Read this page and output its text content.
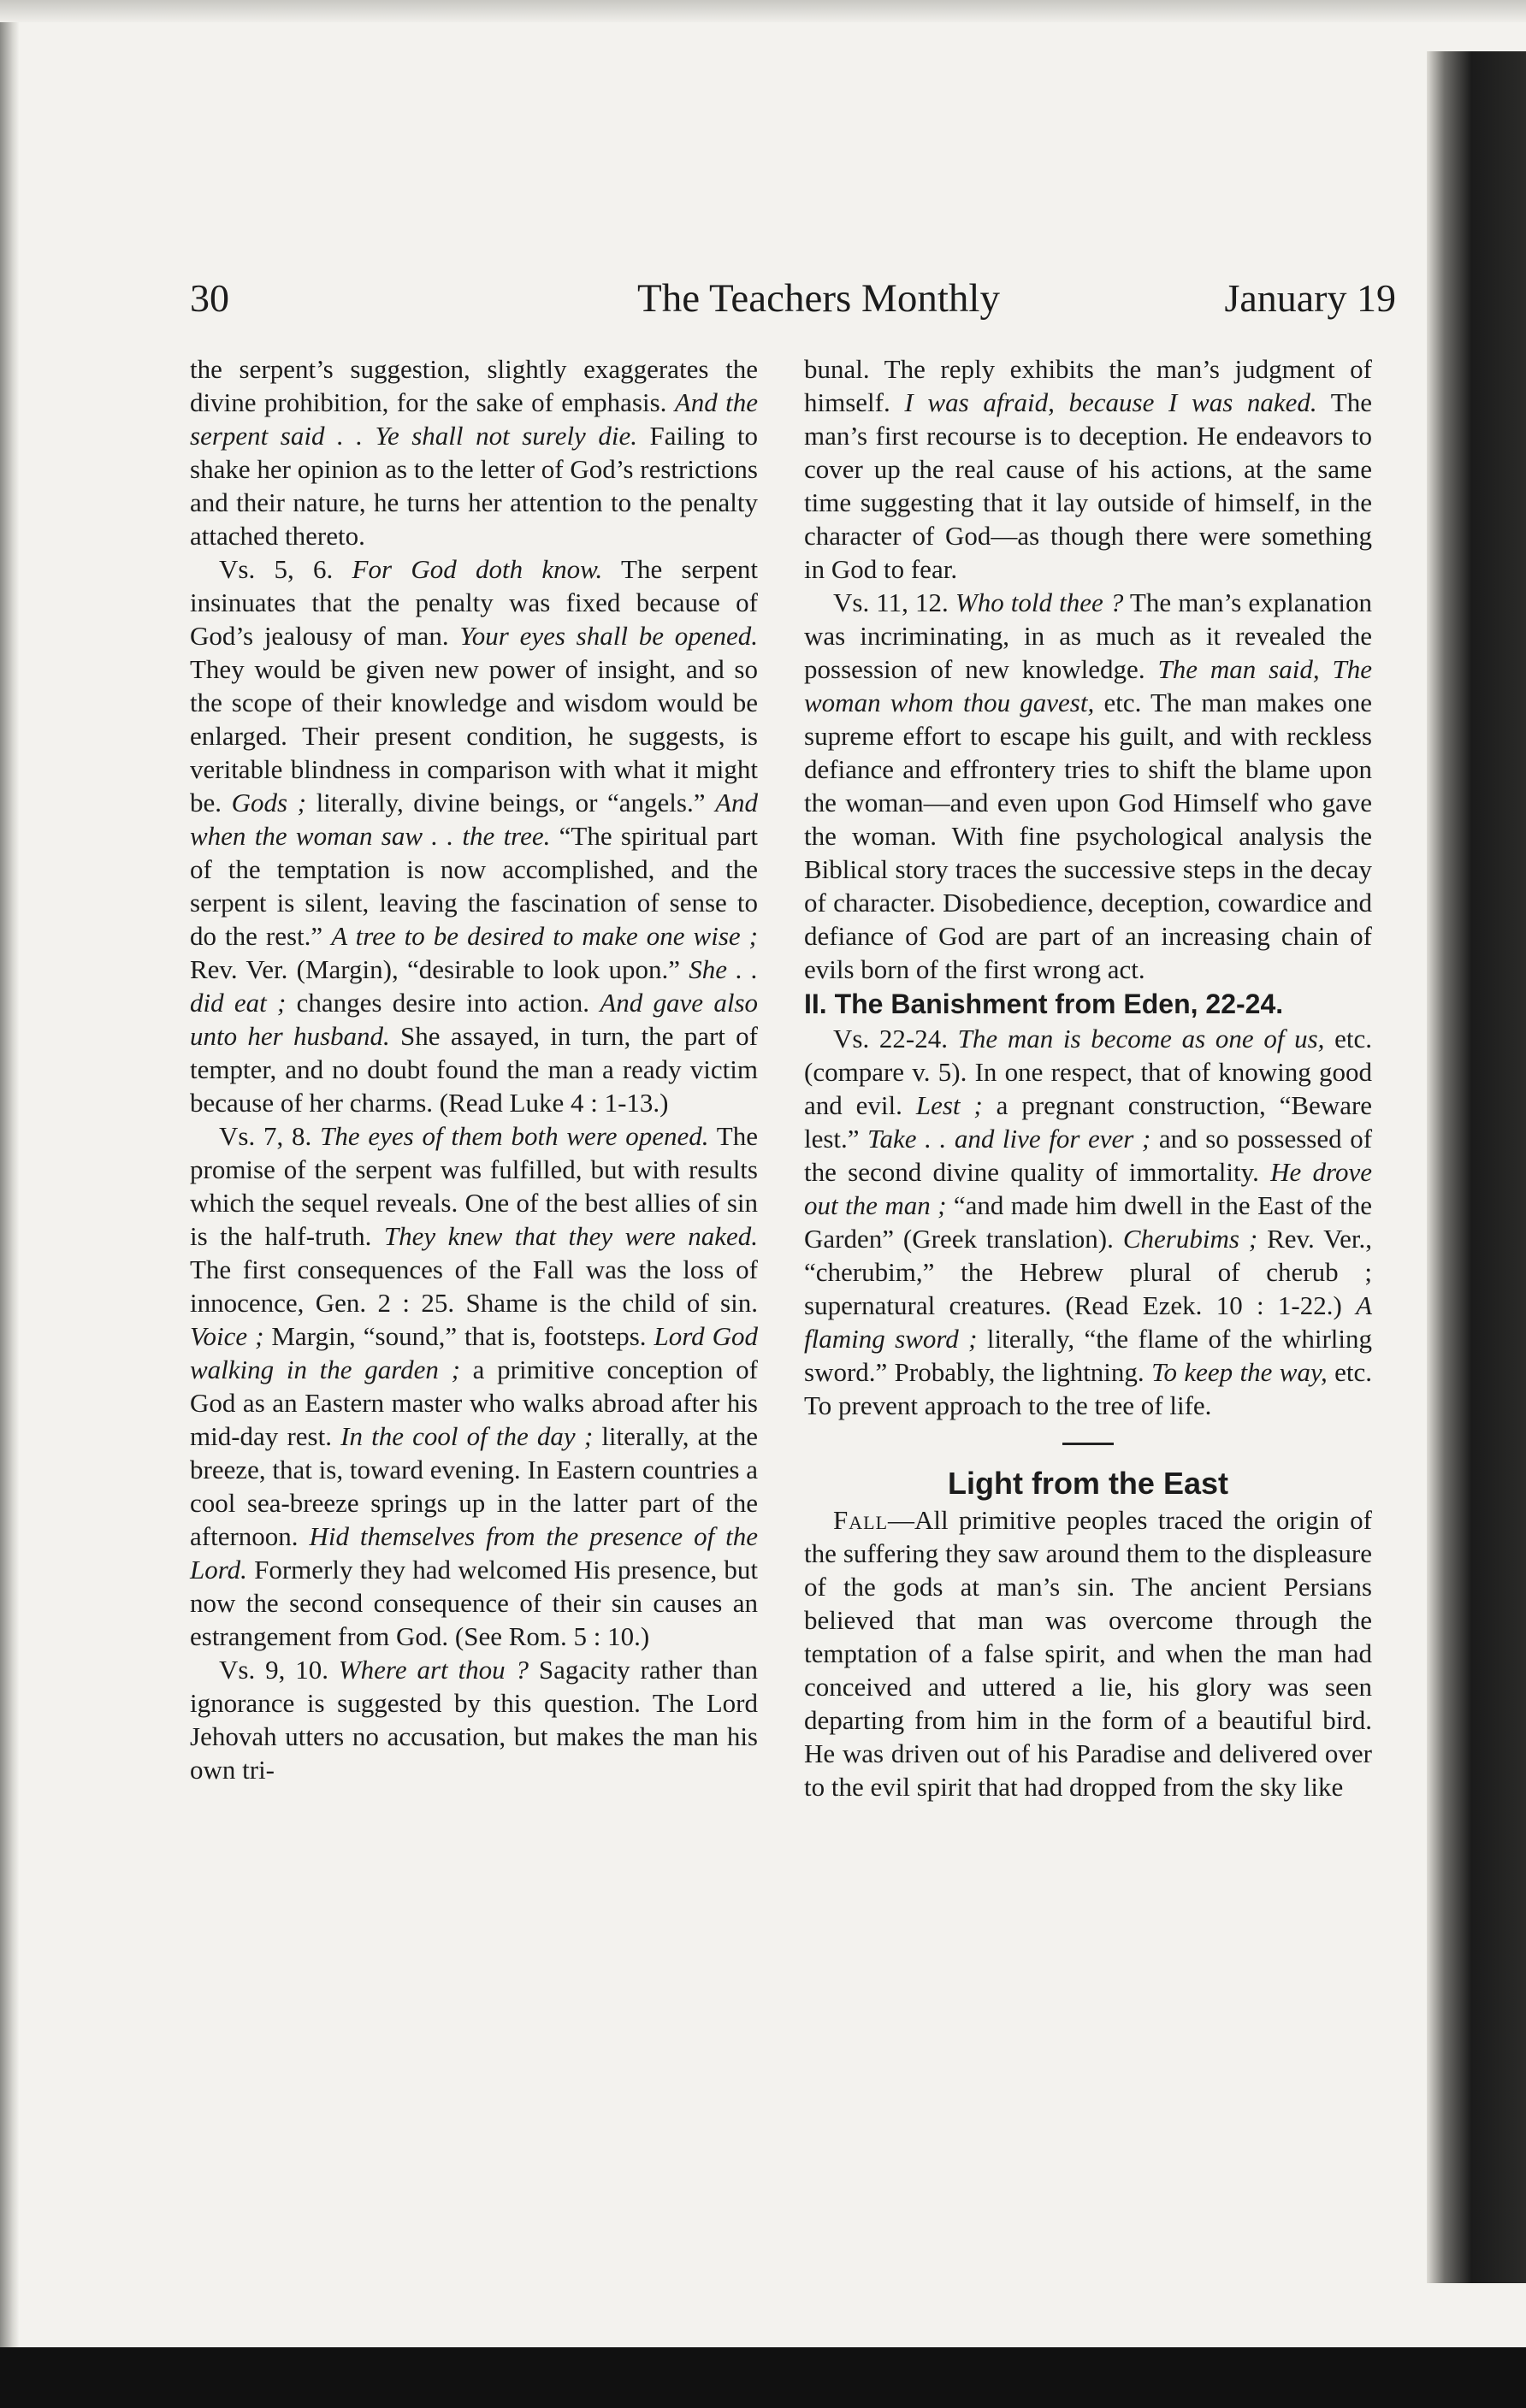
30	The Teachers Monthly	January 19

the serpent’s suggestion, slightly exaggerates the divine prohibition, for the sake of emphasis. And the serpent said . . Ye shall not surely die. Failing to shake her opinion as to the letter of God’s restrictions and their nature, he turns her attention to the penalty attached thereto.

Vs. 5, 6. For God doth know. The serpent insinuates that the penalty was fixed because of God’s jealousy of man. Your eyes shall be opened. They would be given new power of insight, and so the scope of their knowledge and wisdom would be enlarged. Their present condition, he suggests, is veritable blindness in comparison with what it might be. Gods ; literally, divine beings, or “angels.” And when the woman saw . . the tree. “The spiritual part of the temptation is now accomplished, and the serpent is silent, leaving the fascination of sense to do the rest.” A tree to be desired to make one wise ; Rev. Ver. (Margin), “desirable to look upon.” She . . did eat ; changes desire into action. And gave also unto her husband. She assayed, in turn, the part of tempter, and no doubt found the man a ready victim because of her charms. (Read Luke 4 : 1-13.)

Vs. 7, 8. The eyes of them both were opened. The promise of the serpent was fulfilled, but with results which the sequel reveals. One of the best allies of sin is the half-truth. They knew that they were naked. The first consequences of the Fall was the loss of innocence, Gen. 2 : 25. Shame is the child of sin. Voice ; Margin, “sound,” that is, footsteps. Lord God walking in the garden ; a primitive conception of God as an Eastern master who walks abroad after his mid-day rest. In the cool of the day ; literally, at the breeze, that is, toward evening. In Eastern countries a cool sea-breeze springs up in the latter part of the afternoon. Hid themselves from the presence of the Lord. Formerly they had welcomed His presence, but now the second consequence of their sin causes an estrangement from God. (See Rom. 5 : 10.)

Vs. 9, 10. Where art thou ? Sagacity rather than ignorance is suggested by this question. The Lord Jehovah utters no accusation, but makes the man his own tri-

bunal. The reply exhibits the man’s judgment of himself. I was afraid, because I was naked. The man’s first recourse is to deception. He endeavors to cover up the real cause of his actions, at the same time suggesting that it lay outside of himself, in the character of God—as though there were something in God to fear.

Vs. 11, 12. Who told thee ? The man’s explanation was incriminating, in as much as it revealed the possession of new knowledge. The man said, The woman whom thou gavest, etc. The man makes one supreme effort to escape his guilt, and with reckless defiance and effrontery tries to shift the blame upon the woman—and even upon God Himself who gave the woman. With fine psychological analysis the Biblical story traces the successive steps in the decay of character. Disobedience, deception, cowardice and defiance of God are part of an increasing chain of evils born of the first wrong act.

II. The Banishment from Eden, 22-24.

Vs. 22-24. The man is become as one of us, etc. (compare v. 5). In one respect, that of knowing good and evil. Lest ; a pregnant construction, “Beware lest.” Take . . and live for ever ; and so possessed of the second divine quality of immortality. He drove out the man ; “and made him dwell in the East of the Garden” (Greek translation). Cherubims ; Rev. Ver., “cherubim,” the Hebrew plural of cherub ; supernatural creatures. (Read Ezek. 10 : 1-22.) A flaming sword ; literally, “the flame of the whirling sword.” Probably, the lightning. To keep the way, etc. To prevent approach to the tree of life.

Light from the East

Fall—All primitive peoples traced the origin of the suffering they saw around them to the displeasure of the gods at man’s sin. The ancient Persians believed that man was overcome through the temptation of a false spirit, and when the man had conceived and uttered a lie, his glory was seen departing from him in the form of a beautiful bird. He was driven out of his Paradise and delivered over to the evil spirit that had dropped from the sky like
